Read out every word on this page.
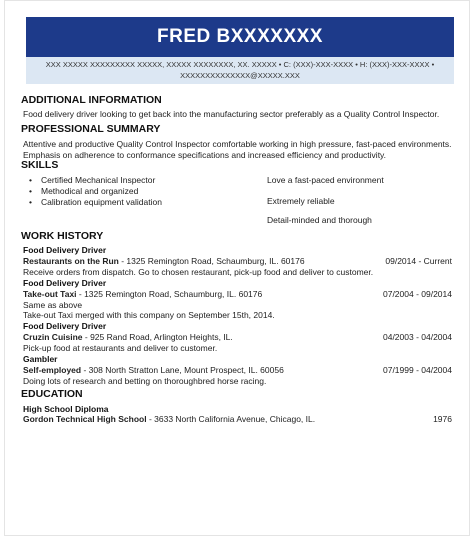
FRED BXXXXXXX
XXX XXXXX XXXXXXXXX XXXXX, XXXXX XXXXXXXX, XX. XXXXX • C: (XXX)-XXX-XXXX • H: (XXX)-XXX-XXXX •
XXXXXXXXXXXXXX@XXXXX.XXX
ADDITIONAL INFORMATION
Food delivery driver looking to get back into the manufacturing sector preferably as a Quality Control Inspector.
PROFESSIONAL SUMMARY
Attentive and productive Quality Control Inspector comfortable working in high pressure, fast-paced environments.
Emphasis on adherence to conformance specifications and increased efficiency and productivity.
SKILLS
• Certified Mechanical Inspector
• Methodical and organized
• Calibration equipment validation
Love a fast-paced environment
Extremely reliable
Detail-minded and thorough
WORK HISTORY
Food Delivery Driver
Restaurants on the Run - 1325 Remington Road, Schaumburg, IL. 60176	09/2014 - Current
Receive orders from dispatch. Go to chosen restaurant, pick-up food and deliver to customer.
Food Delivery Driver
Take-out Taxi - 1325 Remington Road, Schaumburg, IL. 60176	07/2004 - 09/2014
Same as above
Take-out Taxi merged with this company on September 15th, 2014.
Food Delivery Driver
Cruzin Cuisine - 925 Rand Road, Arlington Heights, IL.	04/2003 - 04/2004
Pick-up food at restaurants and deliver to customer.
Gambler
Self-employed - 308 North Stratton Lane, Mount Prospect, IL. 60056	07/1999 - 04/2004
Doing lots of research and betting on thoroughbred horse racing.
EDUCATION
High School Diploma
Gordon Technical High School - 3633 North California Avenue, Chicago, IL.	1976
